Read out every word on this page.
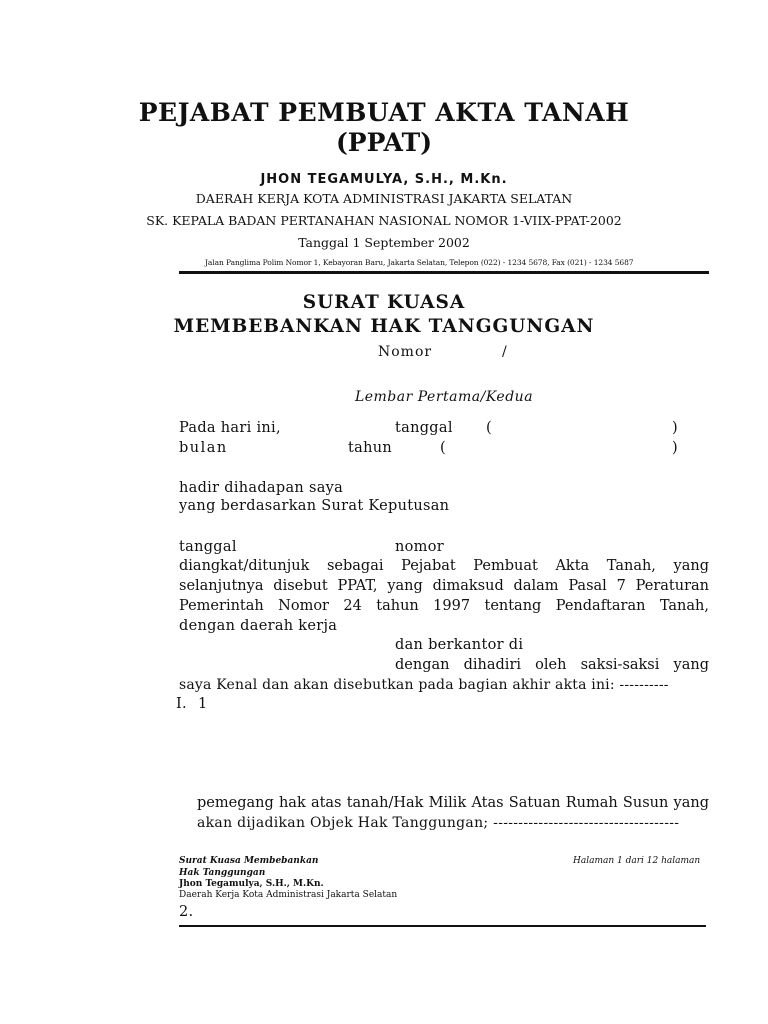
PEJABAT PEMBUAT AKTA TANAH
(PPAT)
JHON TEGAMULYA, S.H., M.Kn.
DAERAH KERJA KOTA ADMINISTRASI JAKARTA SELATAN
SK. KEPALA BADAN PERTANAHAN NASIONAL NOMOR 1-VIIX-PPAT-2002
Tanggal 1 September 2002
Jalan Panglima Polim Nomor 1, Kebayoran Baru, Jakarta Selatan, Telepon (022) - 1234 5678, Fax (021) - 1234 5687
SURAT KUASA
MEMBEBANKAN HAK TANGGUNGAN
Nomor	/
Lembar Pertama/Kedua
Pada hari ini,	tanggal (	)
bulan	tahun	(	)
hadir dihadapan saya
yang berdasarkan Surat Keputusan
tanggal	nomor
diangkat/ditunjuk sebagai Pejabat Pembuat Akta Tanah, yang
selanjutnya disebut PPAT, yang dimaksud dalam Pasal 7 Peraturan
Pemerintah Nomor 24 tahun 1997 tentang Pendaftaran Tanah,
dengan daerah kerja
dan berkantor di
dengan dihadiri oleh saksi-saksi yang
saya Kenal dan akan disebutkan pada bagian akhir akta ini: ----------
I. 1
pemegang hak atas tanah/Hak Milik Atas Satuan Rumah Susun yang
akan dijadikan Objek Hak Tanggungan; -------------------------------------
Surat Kuasa Membebankan
Hak Tanggungan
Jhon Tegamulya, S.H., M.Kn.
Daerah Kerja Kota Administrasi Jakarta Selatan
Halaman 1 dari 12 halaman
2.
